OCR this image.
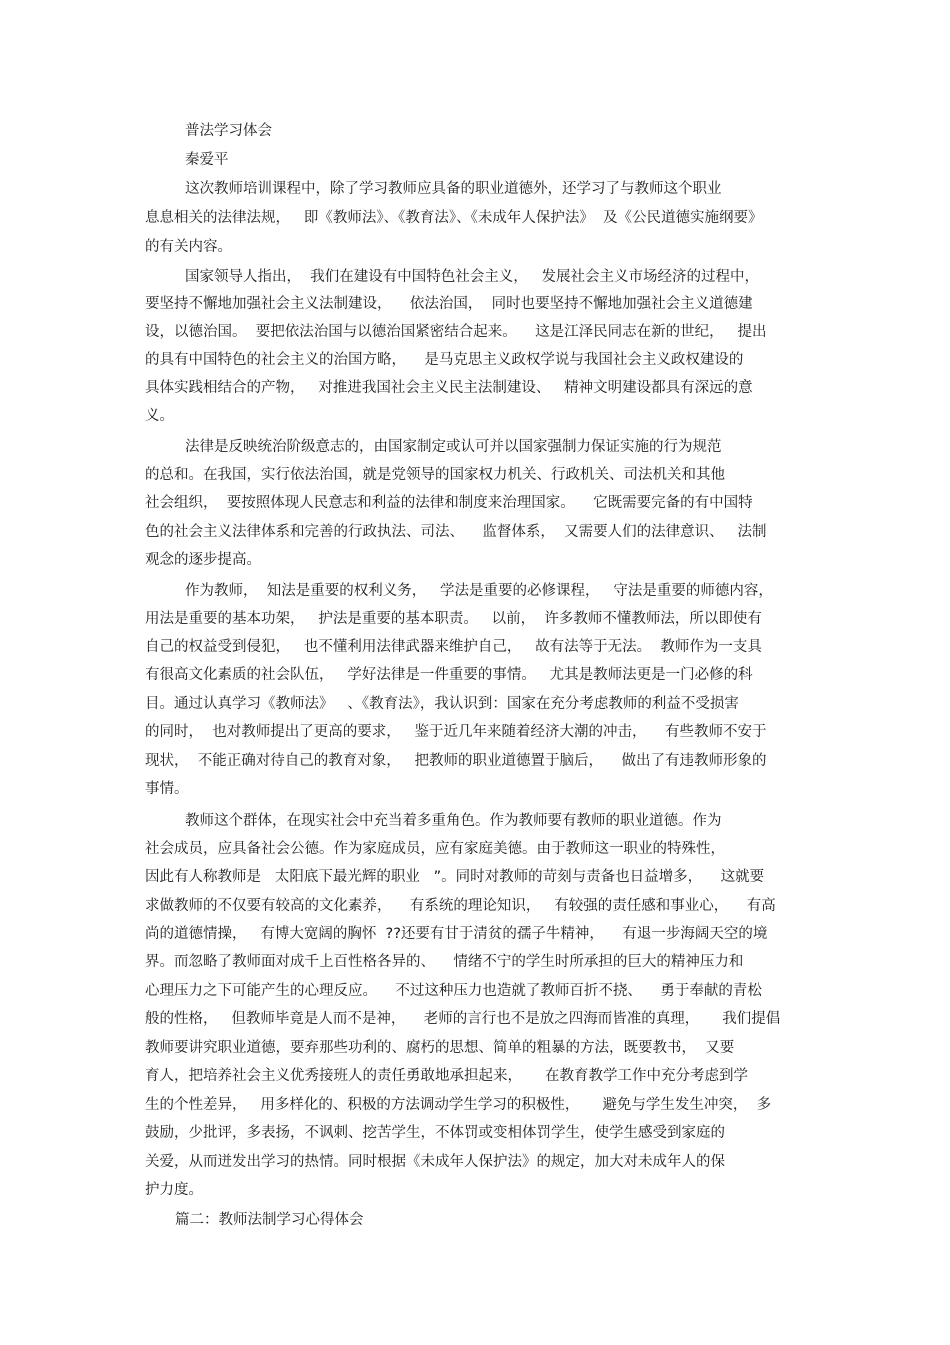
普法学习体会
秦爱平
这次教师培训课程中，除了学习教师应具备的职业道德外，还学习了与教师这个职业
息息相关的法律法规，   即《教师法》、《教育法》、《未成年人保护法》  及《公民道德实施纲要》
的有关内容。
国家领导人指出，  我们在建设有中国特色社会主义，   发展社会主义市场经济的过程中，
要坚持不懈地加强社会主义法制建设，    依法治国，  同时也要坚持不懈地加强社会主义道德建
设，以德治国。  要把依法治国与以德治国紧密结合起来。    这是江泽民同志在新的世纪，   提出
的具有中国特色的社会主义的治国方略，    是马克思主义政权学说与我国社会主义政权建设的
具体实践相结合的产物，   对推进我国社会主义民主法制建设、   精神文明建设都具有深远的意
义。
法律是反映统治阶级意志的，由国家制定或认可并以国家强制力保证实施的行为规范
的总和。在我国，实行依法治国，就是党领导的国家权力机关、行政机关、司法机关和其他
社会组织，  要按照体现人民意志和利益的法律和制度来治理国家。    它既需要完备的有中国特
色的社会主义法律体系和完善的行政执法、司法、    监督体系，  又需要人们的法律意识、   法制
观念的逐步提高。
作为教师，  知法是重要的权利义务，   学法是重要的必修课程，   守法是重要的师德内容，
用法是重要的基本功架，   护法是重要的基本职责。   以前，  许多教师不懂教师法，所以即使有
自己的权益受到侵犯，   也不懂利用法律武器来维护自己，   故有法等于无法。  教师作为一支具
有很高文化素质的社会队伍，   学好法律是一件重要的事情。   尤其是教师法更是一门必修的科
目。通过认真学习《教师法》   、《教育法》，我认识到：国家在充分考虑教师的利益不受损害
的同时，  也对教师提出了更高的要求，   鉴于近几年来随着经济大潮的冲击，    有些教师不安于
现状，  不能正确对待自己的教育对象，   把教师的职业道德置于脑后，    做出了有违教师形象的
事情。
教师这个群体，在现实社会中充当着多重角色。作为教师要有教师的职业道德。作为
社会成员，应具备社会公德。作为家庭成员，应有家庭美德。由于教师这一职业的特殊性，
因此有人称教师是   太阳底下最光辉的职业   ”。同时对教师的苛刻与责备也日益增多，    这就要
求做教师的不仅要有较高的文化素养，    有系统的理论知识，   有较强的责任感和事业心，    有高
尚的道德情操，   有博大宽阔的胸怀  ??还要有甘于清贫的孺子牛精神，    有退一步海阔天空的境
界。而忽略了教师面对成千上百性格各异的、    情绪不宁的学生时所承担的巨大的精神压力和
心理压力之下可能产生的心理反应。    不过这种压力也造就了教师百折不挠、    勇于奉献的青松
般的性格，   但教师毕竟是人而不是神，    老师的言行也不是放之四海而皆准的真理，     我们提倡
教师要讲究职业道德，要弃那些功利的、腐朽的思想、简单的粗暴的方法，既要教书，  又要
育人，把培养社会主义优秀接班人的责任勇敢地承担起来，     在教育教学工作中充分考虑到学
生的个性差异，   用多样化的、积极的方法调动学生学习的积极性，     避免与学生发生冲突，  多
鼓励，少批评，多表扬，不讽刺、挖苦学生，不体罚或变相体罚学生，使学生感受到家庭的
关爱，从而迸发出学习的热情。同时根据《未成年人保护法》的规定，加大对未成年人的保
护力度。
篇二：教师法制学习心得体会
